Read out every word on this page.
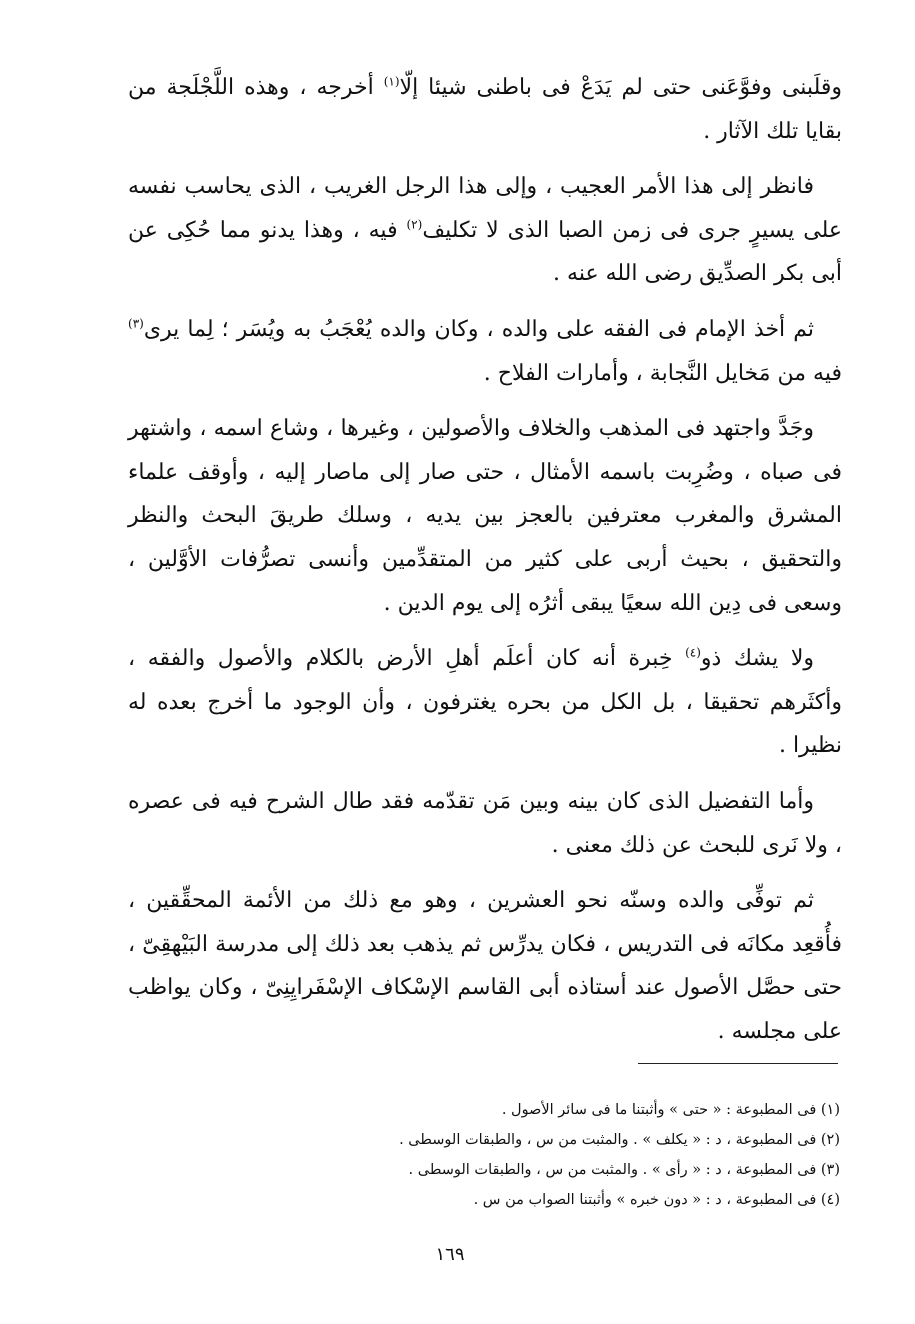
وقلَبنى وفوَّعَنى حتى لم يَدَعْ فى باطنى شيئا إلّا$^{(١)}$ أخرجه ، وهذه اللَّجْلَجة من بقايا تلك الآثار .

فانظر إلى هذا الأمر العجيب ، وإلى هذا الرجل الغريب ، الذى يحاسب نفسه على يسيرٍ جرى فى زمن الصبا الذى لا تكليف$^{(٢)}$ فيه ، وهذا يدنو مما حُكِى عن أبى بكر الصدِّيق رضى الله عنه .

ثم أخذ الإمام فى الفقه على والده ، وكان والده يُعْجَبُ به ويُسَر ؛ لِما يرى$^{(٣)}$ فيه من مَخايل النَّجابة ، وأمارات الفلاح .

وجَدَّ واجتهد فى المذهب والخلاف والأصولين ، وغيرها ، وشاع اسمه ، واشتهر فى صباه ، وضُرِبت باسمه الأمثال ، حتى صار إلى ماصار إليه ، وأوقف علماء المشرق والمغرب معترفين بالعجز بين يديه ، وسلك طريقَ البحث والنظر والتحقيق ، بحيث أربى على كثير من المتقدِّمين وأنسى تصرُّفات الأوَّلين ، وسعى فى دِين الله سعيًا يبقى أثرُه إلى يوم الدين .

ولا يشك ذو$^{(٤)}$ خِبرة أنه كان أعلَم أهلِ الأرض بالكلام والأصول والفقه ، وأكثَرهم تحقيقا ، بل الكل من بحره يغترفون ، وأن الوجود ما أخرج بعده له نظيرا .

وأما التفضيل الذى كان بينه وبين مَن تقدّمه فقد طال الشرح فيه فى عصره ، ولا نَرى للبحث عن ذلك معنى .

ثم توفِّى والده وسنّه نحو العشرين ، وهو مع ذلك من الأئمة المحقِّقين ، فأُقعِد مكانَه فى التدريس ، فكان يدرِّس ثم يذهب بعد ذلك إلى مدرسة البَيْهقِىّ ، حتى حصَّل الأصول عند أستاذه أبى القاسم الإسْكاف الإسْفَرايِنِىّ ، وكان يواظب على مجلسه .

(١) فى المطبوعة : « حتى » وأثبتنا ما فى سائر الأصول .
(٢) فى المطبوعة ، د : « يكلف » . والمثبت من س ، والطبقات الوسطى .
(٣) فى المطبوعة ، د : « رأى » . والمثبت من س ، والطبقات الوسطى .
(٤) فى المطبوعة ، د : « دون خبره » وأثبتنا الصواب من س .
١٦٩
